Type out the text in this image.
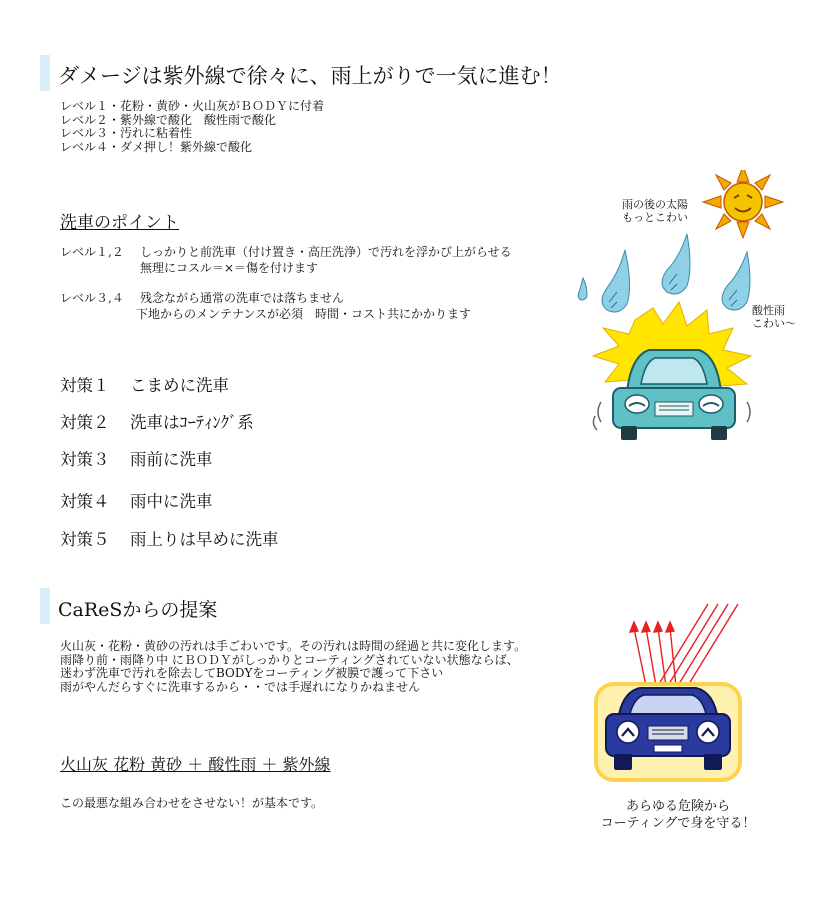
ダメージは紫外線で徐々に、雨上がりで一気に進む！
レベル１・花粉・黄砂・火山灰がＢＯＤＹに付着
レベル２・紫外線で酸化　酸性雨で酸化
レベル３・汚れに粘着性
レベル４・ダメ押し！紫外線で酸化
洗車のポイント
レベル１,２ しっかりと前洗車（付け置き・高圧洗浄）で汚れを浮かび上がらせる
無理にコスル＝×＝傷を付けます
レベル３,４ 残念ながら通常の洗車では落ちません
下地からのメンテナンスが必須　時間・コスト共にかかります
対策１ こまめに洗車
対策２ 洗車はｺｰﾃｨﾝｸﾞ系
対策３ 雨前に洗車
対策４ 雨中に洗車
対策５ 雨上りは早めに洗車
雨の後の太陽
もっとこわい
酸性雨
こわい～
CaReSからの提案
火山灰・花粉・黄砂の汚れは手ごわいです。その汚れは時間の経過と共に変化します。
雨降り前・雨降り中 にＢＯＤＹがしっかりとコーティングされていない状態ならば、
迷わず洗車で汚れを除去してBODYをコーティング被膜で護って下さい
雨がやんだらすぐに洗車するから・・では手遅れになりかねません
火山灰 花粉 黄砂 ＋ 酸性雨 ＋ 紫外線
この最悪な組み合わせをさせない！が基本です。	あらゆる危険から
コーティングで身を守る！
